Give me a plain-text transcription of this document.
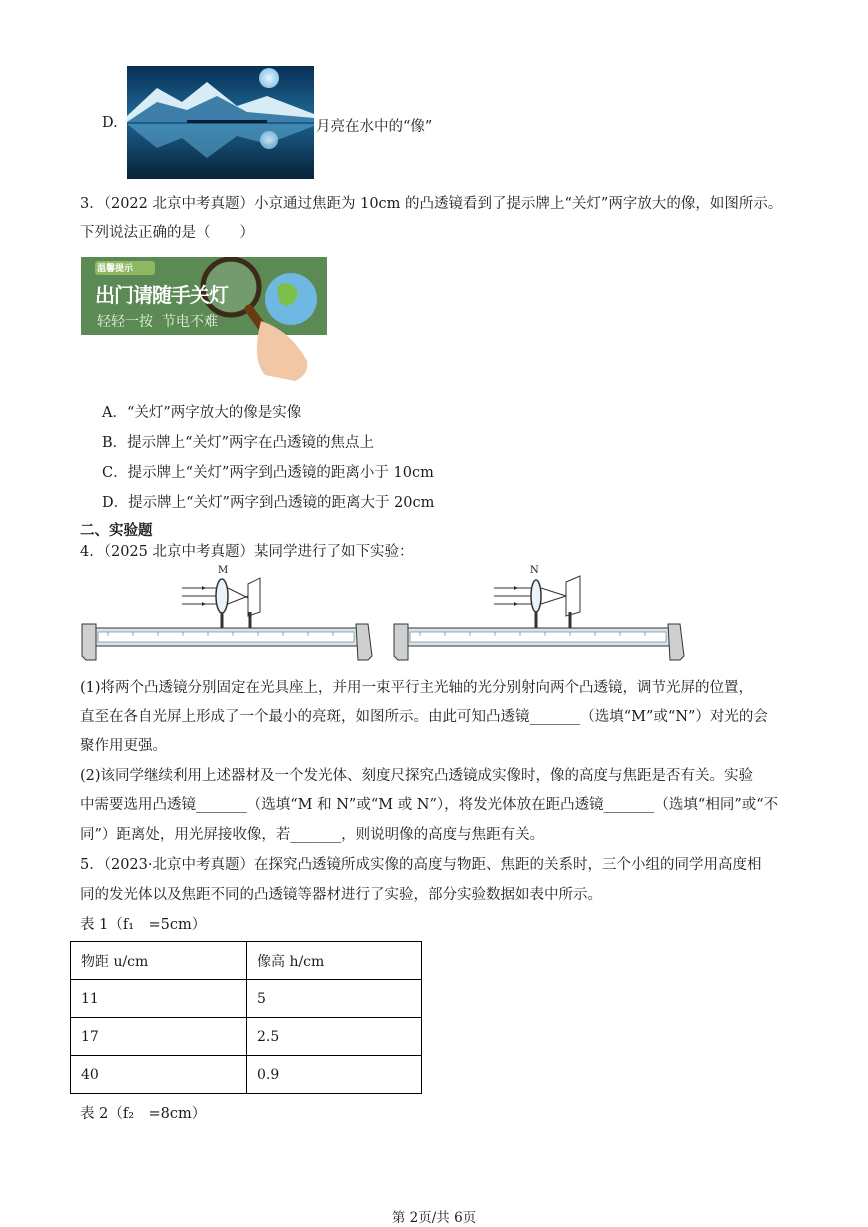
D.	月亮在水中的“像”
3．（2022 北京中考真题）小京通过焦距为 10cm 的凸透镜看到了提示牌上“关灯”两字放大的像，如图所示。
下列说法正确的是（　　）
温馨提示
出门请随手关灯
轻轻一按  节电不难
A．“关灯”两字放大的像是实像
B．提示牌上“关灯”两字在凸透镜的焦点上
C．提示牌上“关灯”两字到凸透镜的距离小于 10cm
D．提示牌上“关灯”两字到凸透镜的距离大于 20cm
二、实验题
4．（2025 北京中考真题）某同学进行了如下实验：
M	N
(1)将两个凸透镜分别固定在光具座上，并用一束平行主光轴的光分别射向两个凸透镜，调节光屏的位置，
直至在各自光屏上形成了一个最小的亮斑，如图所示。由此可知凸透镜_______（选填“M”或“N”）对光的会
聚作用更强。
(2)该同学继续利用上述器材及一个发光体、刻度尺探究凸透镜成实像时，像的高度与焦距是否有关。实验
中需要选用凸透镜_______（选填“M 和 N”或“M 或 N”），将发光体放在距凸透镜_______（选填“相同”或“不
同”）距离处，用光屏接收像，若_______，则说明像的高度与焦距有关。
5．（2023·北京中考真题）在探究凸透镜所成实像的高度与物距、焦距的关系时，三个小组的同学用高度相
同的发光体以及焦距不同的凸透镜等器材进行了实验，部分实验数据如表中所示。
表 1（f₁　=5cm）
物距 u/cm	像高 h/cm
11	5
17	2.5
40	0.9
表 2（f₂　=8cm）
第 2页/共 6页
